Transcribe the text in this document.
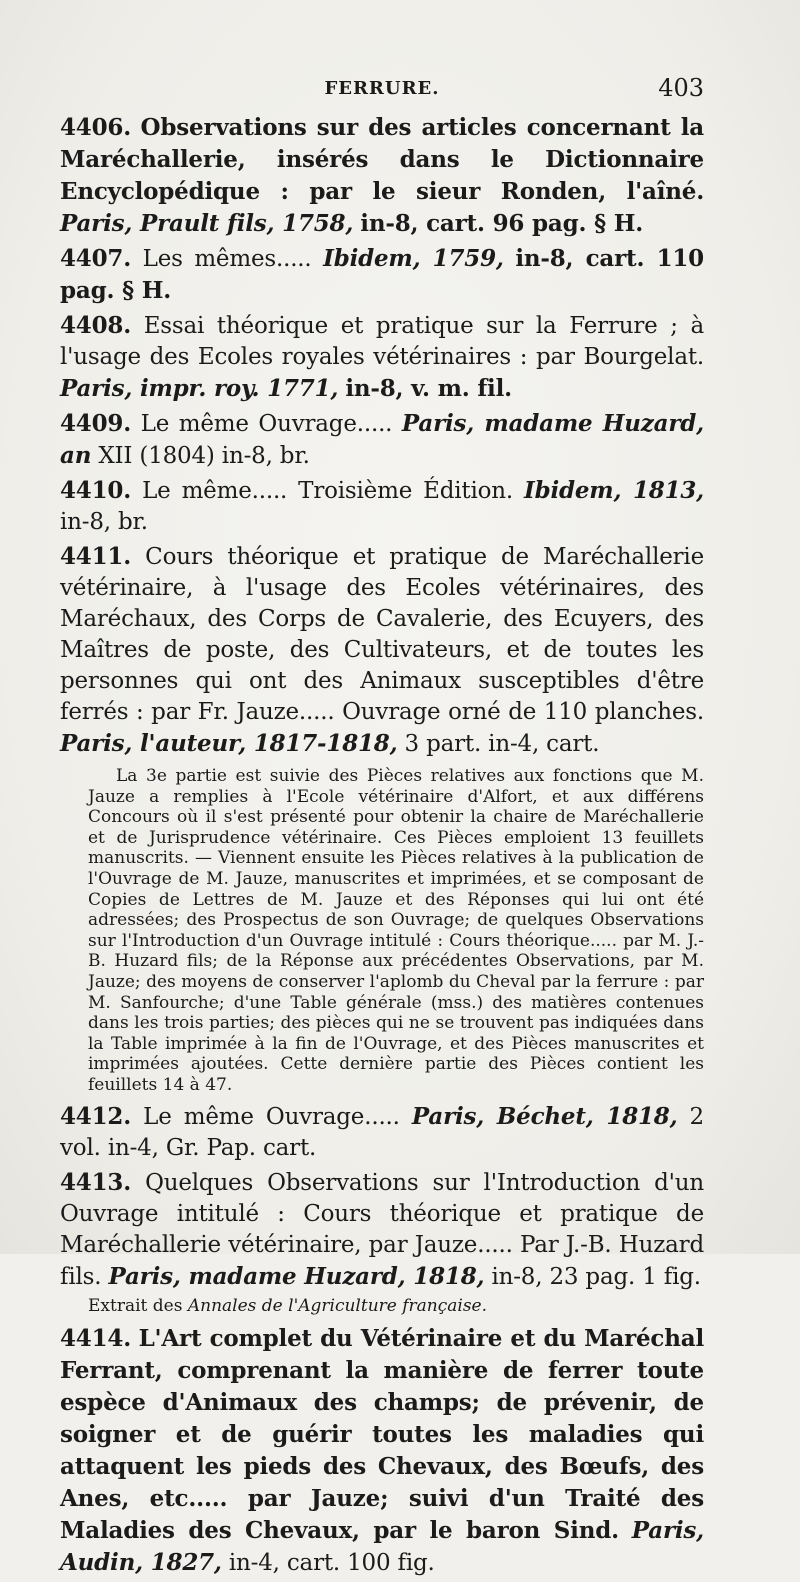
FERRURE.	403

4406. Observations sur des articles concernant la Maréchallerie, insérés dans le Dictionnaire Encyclopédique : par le sieur Ronden, l'aîné. Paris, Prault fils, 1758, in-8, cart. 96 pag. § H.

4407. Les mêmes..... Ibidem, 1759, in-8, cart. 110 pag. § H.

4408. Essai théorique et pratique sur la Ferrure ; à l'usage des Ecoles royales vétérinaires : par Bourgelat. Paris, impr. roy. 1771, in-8, v. m. fil.

4409. Le même Ouvrage..... Paris, madame Huzard, an XII (1804) in-8, br.

4410. Le même..... Troisième Édition. Ibidem, 1813, in-8, br.

4411. Cours théorique et pratique de Maréchallerie vétérinaire, à l'usage des Ecoles vétérinaires, des Maréchaux, des Corps de Cavalerie, des Ecuyers, des Maîtres de poste, des Cultivateurs, et de toutes les personnes qui ont des Animaux susceptibles d'être ferrés : par Fr. Jauze..... Ouvrage orné de 110 planches. Paris, l'auteur, 1817-1818, 3 part. in-4, cart.

La 3e partie est suivie des Pièces relatives aux fonctions que M. Jauze a remplies à l'Ecole vétérinaire d'Alfort, et aux différens Concours où il s'est présenté pour obtenir la chaire de Maréchallerie et de Jurisprudence vétérinaire. Ces Pièces emploient 13 feuillets manuscrits. — Viennent ensuite les Pièces relatives à la publication de l'Ouvrage de M. Jauze, manuscrites et imprimées, et se composant de Copies de Lettres de M. Jauze et des Réponses qui lui ont été adressées; des Prospectus de son Ouvrage; de quelques Observations sur l'Introduction d'un Ouvrage intitulé : Cours théorique..... par M. J.-B. Huzard fils; de la Réponse aux précédentes Observations, par M. Jauze; des moyens de conserver l'aplomb du Cheval par la ferrure : par M. Sanfourche; d'une Table générale (mss.) des matières contenues dans les trois parties; des pièces qui ne se trouvent pas indiquées dans la Table imprimée à la fin de l'Ouvrage, et des Pièces manuscrites et imprimées ajoutées. Cette dernière partie des Pièces contient les feuillets 14 à 47.

4412. Le même Ouvrage..... Paris, Béchet, 1818, 2 vol. in-4, Gr. Pap. cart.

4413. Quelques Observations sur l'Introduction d'un Ouvrage intitulé : Cours théorique et pratique de Maréchallerie vétérinaire, par Jauze..... Par J.-B. Huzard fils. Paris, madame Huzard, 1818, in-8, 23 pag. 1 fig.

Extrait des Annales de l'Agriculture française.

4414. L'Art complet du Vétérinaire et du Maréchal Ferrant, comprenant la manière de ferrer toute espèce d'Animaux des champs; de prévenir, de soigner et de guérir toutes les maladies qui attaquent les pieds des Chevaux, des Bœufs, des Anes, etc..... par Jauze; suivi d'un Traité des Maladies des Chevaux, par le baron Sind. Paris, Audin, 1827, in-4, cart. 100 fig.
